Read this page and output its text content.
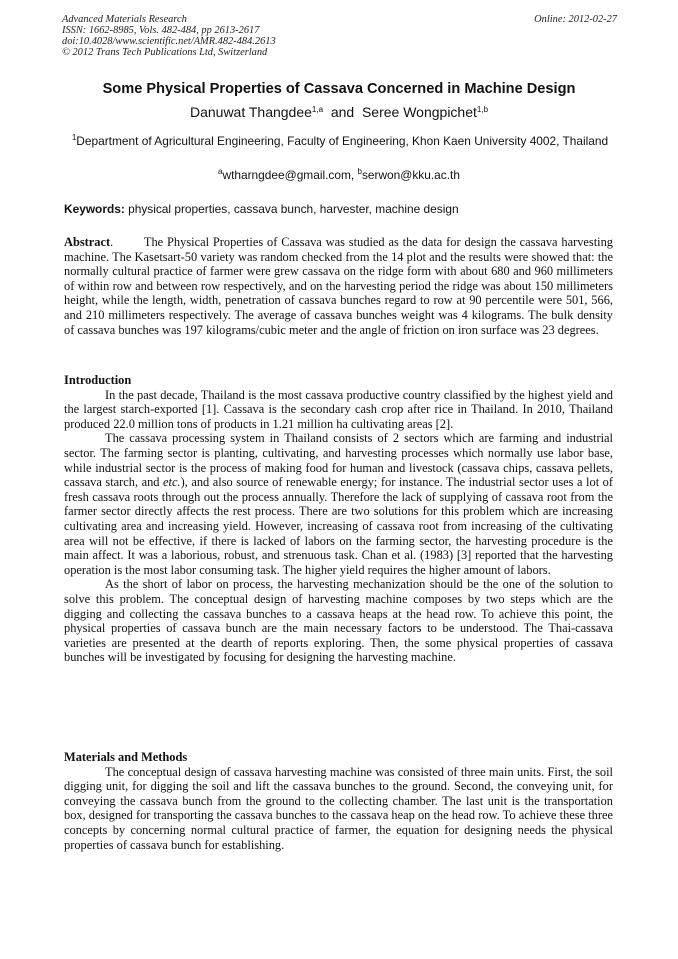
Advanced Materials Research
ISSN: 1662-8985, Vols. 482-484, pp 2613-2617
doi:10.4028/www.scientific.net/AMR.482-484.2613
© 2012 Trans Tech Publications Ltd, Switzerland
Online: 2012-02-27
Some Physical Properties of Cassava Concerned in Machine Design
Danuwat Thangdee$^{1,a}$  and  Seree Wongpichet$^{1,b}$
$^1$Department of Agricultural Engineering, Faculty of Engineering, Khon Kaen University 4002, Thailand
$^a$wtharngdee@gmail.com, $^b$serwon@kku.ac.th
Keywords: physical properties, cassava bunch, harvester, machine design

Abstract.        The Physical Properties of Cassava was studied as the data for design the cassava harvesting machine. The Kasetsart-50 variety was random checked from the 14 plot and the results were showed that: the normally cultural practice of farmer were grew cassava on the ridge form with about 680 and 960 millimeters of within row and between row respectively, and on the harvesting period the ridge was about 150 millimeters height, while the length, width, penetration of cassava bunches regard to row at 90 percentile were 501, 566, and 210 millimeters respectively. The average of cassava bunches weight was 4 kilograms. The bulk density of cassava bunches was 197 kilograms/cubic meter and the angle of friction on iron surface was 23 degrees.

Introduction

In the past decade, Thailand is the most cassava productive country classified by the highest yield and the largest starch-exported [1]. Cassava is the secondary cash crop after rice in Thailand. In 2010, Thailand produced 22.0 million tons of products in 1.21 million ha cultivating areas [2].

The cassava processing system in Thailand consists of 2 sectors which are farming and industrial sector. The farming sector is planting, cultivating, and harvesting processes which normally use labor base, while industrial sector is the process of making food for human and livestock (cassava chips, cassava pellets, cassava starch, and etc.), and also source of renewable energy; for instance. The industrial sector uses a lot of fresh cassava roots through out the process annually. Therefore the lack of supplying of cassava root from the farmer sector directly affects the rest process. There are two solutions for this problem which are increasing cultivating area and increasing yield. However, increasing of cassava root from increasing of the cultivating area will not be effective, if there is lacked of labors on the farming sector, the harvesting procedure is the main affect. It was a laborious, robust, and strenuous task. Chan et al. (1983) [3] reported that the harvesting operation is the most labor consuming task. The higher yield requires the higher amount of labors.

As the short of labor on process, the harvesting mechanization should be the one of the solution to solve this problem. The conceptual design of harvesting machine composes by two steps which are the digging and collecting the cassava bunches to a cassava heaps at the head row. To achieve this point, the physical properties of cassava bunch are the main necessary factors to be understood. The Thai-cassava varieties are presented at the dearth of reports exploring. Then, the some physical properties of cassava bunches will be investigated by focusing for designing the harvesting machine.

Materials and Methods

The conceptual design of cassava harvesting machine was consisted of three main units. First, the soil digging unit, for digging the soil and lift the cassava bunches to the ground. Second, the conveying unit, for conveying the cassava bunch from the ground to the collecting chamber. The last unit is the transportation box, designed for transporting the cassava bunches to the cassava heap on the head row. To achieve these three concepts by concerning normal cultural practice of farmer, the equation for designing needs the physical properties of cassava bunch for establishing.
